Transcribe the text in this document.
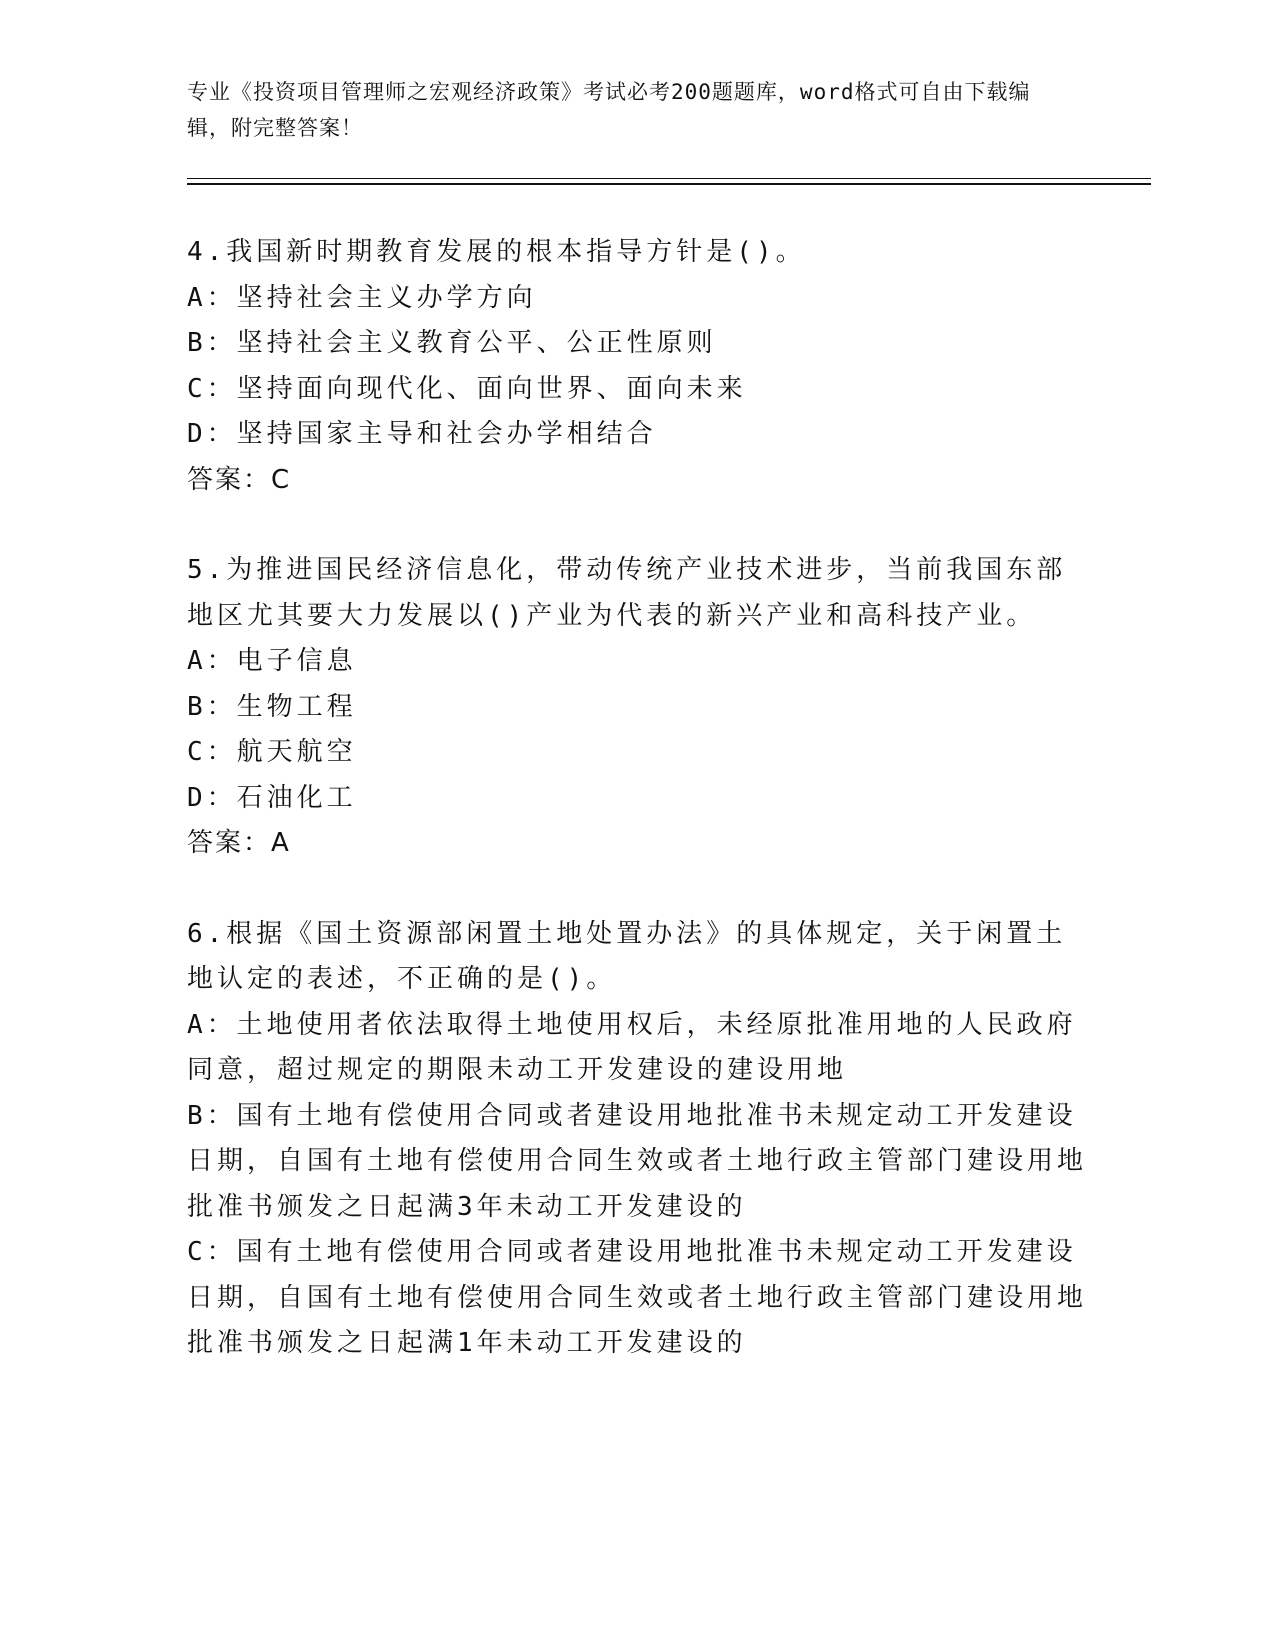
专业《投资项目管理师之宏观经济政策》考试必考200题题库，word格式可自由下载编辑，附完整答案！

4.我国新时期教育发展的根本指导方针是()。

A：坚持社会主义办学方向

B：坚持社会主义教育公平、公正性原则

C：坚持面向现代化、面向世界、面向未来

D：坚持国家主导和社会办学相结合

答案：C

5.为推进国民经济信息化，带动传统产业技术进步，当前我国东部地区尤其要大力发展以()产业为代表的新兴产业和高科技产业。

A：电子信息

B：生物工程

C：航天航空

D：石油化工

答案：A

6.根据《国土资源部闲置土地处置办法》的具体规定，关于闲置土地认定的表述，不正确的是()。

A：土地使用者依法取得土地使用权后，未经原批准用地的人民政府同意，超过规定的期限未动工开发建设的建设用地

B：国有土地有偿使用合同或者建设用地批准书未规定动工开发建设日期，自国有土地有偿使用合同生效或者土地行政主管部门建设用地批准书颁发之日起满3年未动工开发建设的

C：国有土地有偿使用合同或者建设用地批准书未规定动工开发建设日期，自国有土地有偿使用合同生效或者土地行政主管部门建设用地批准书颁发之日起满1年未动工开发建设的
